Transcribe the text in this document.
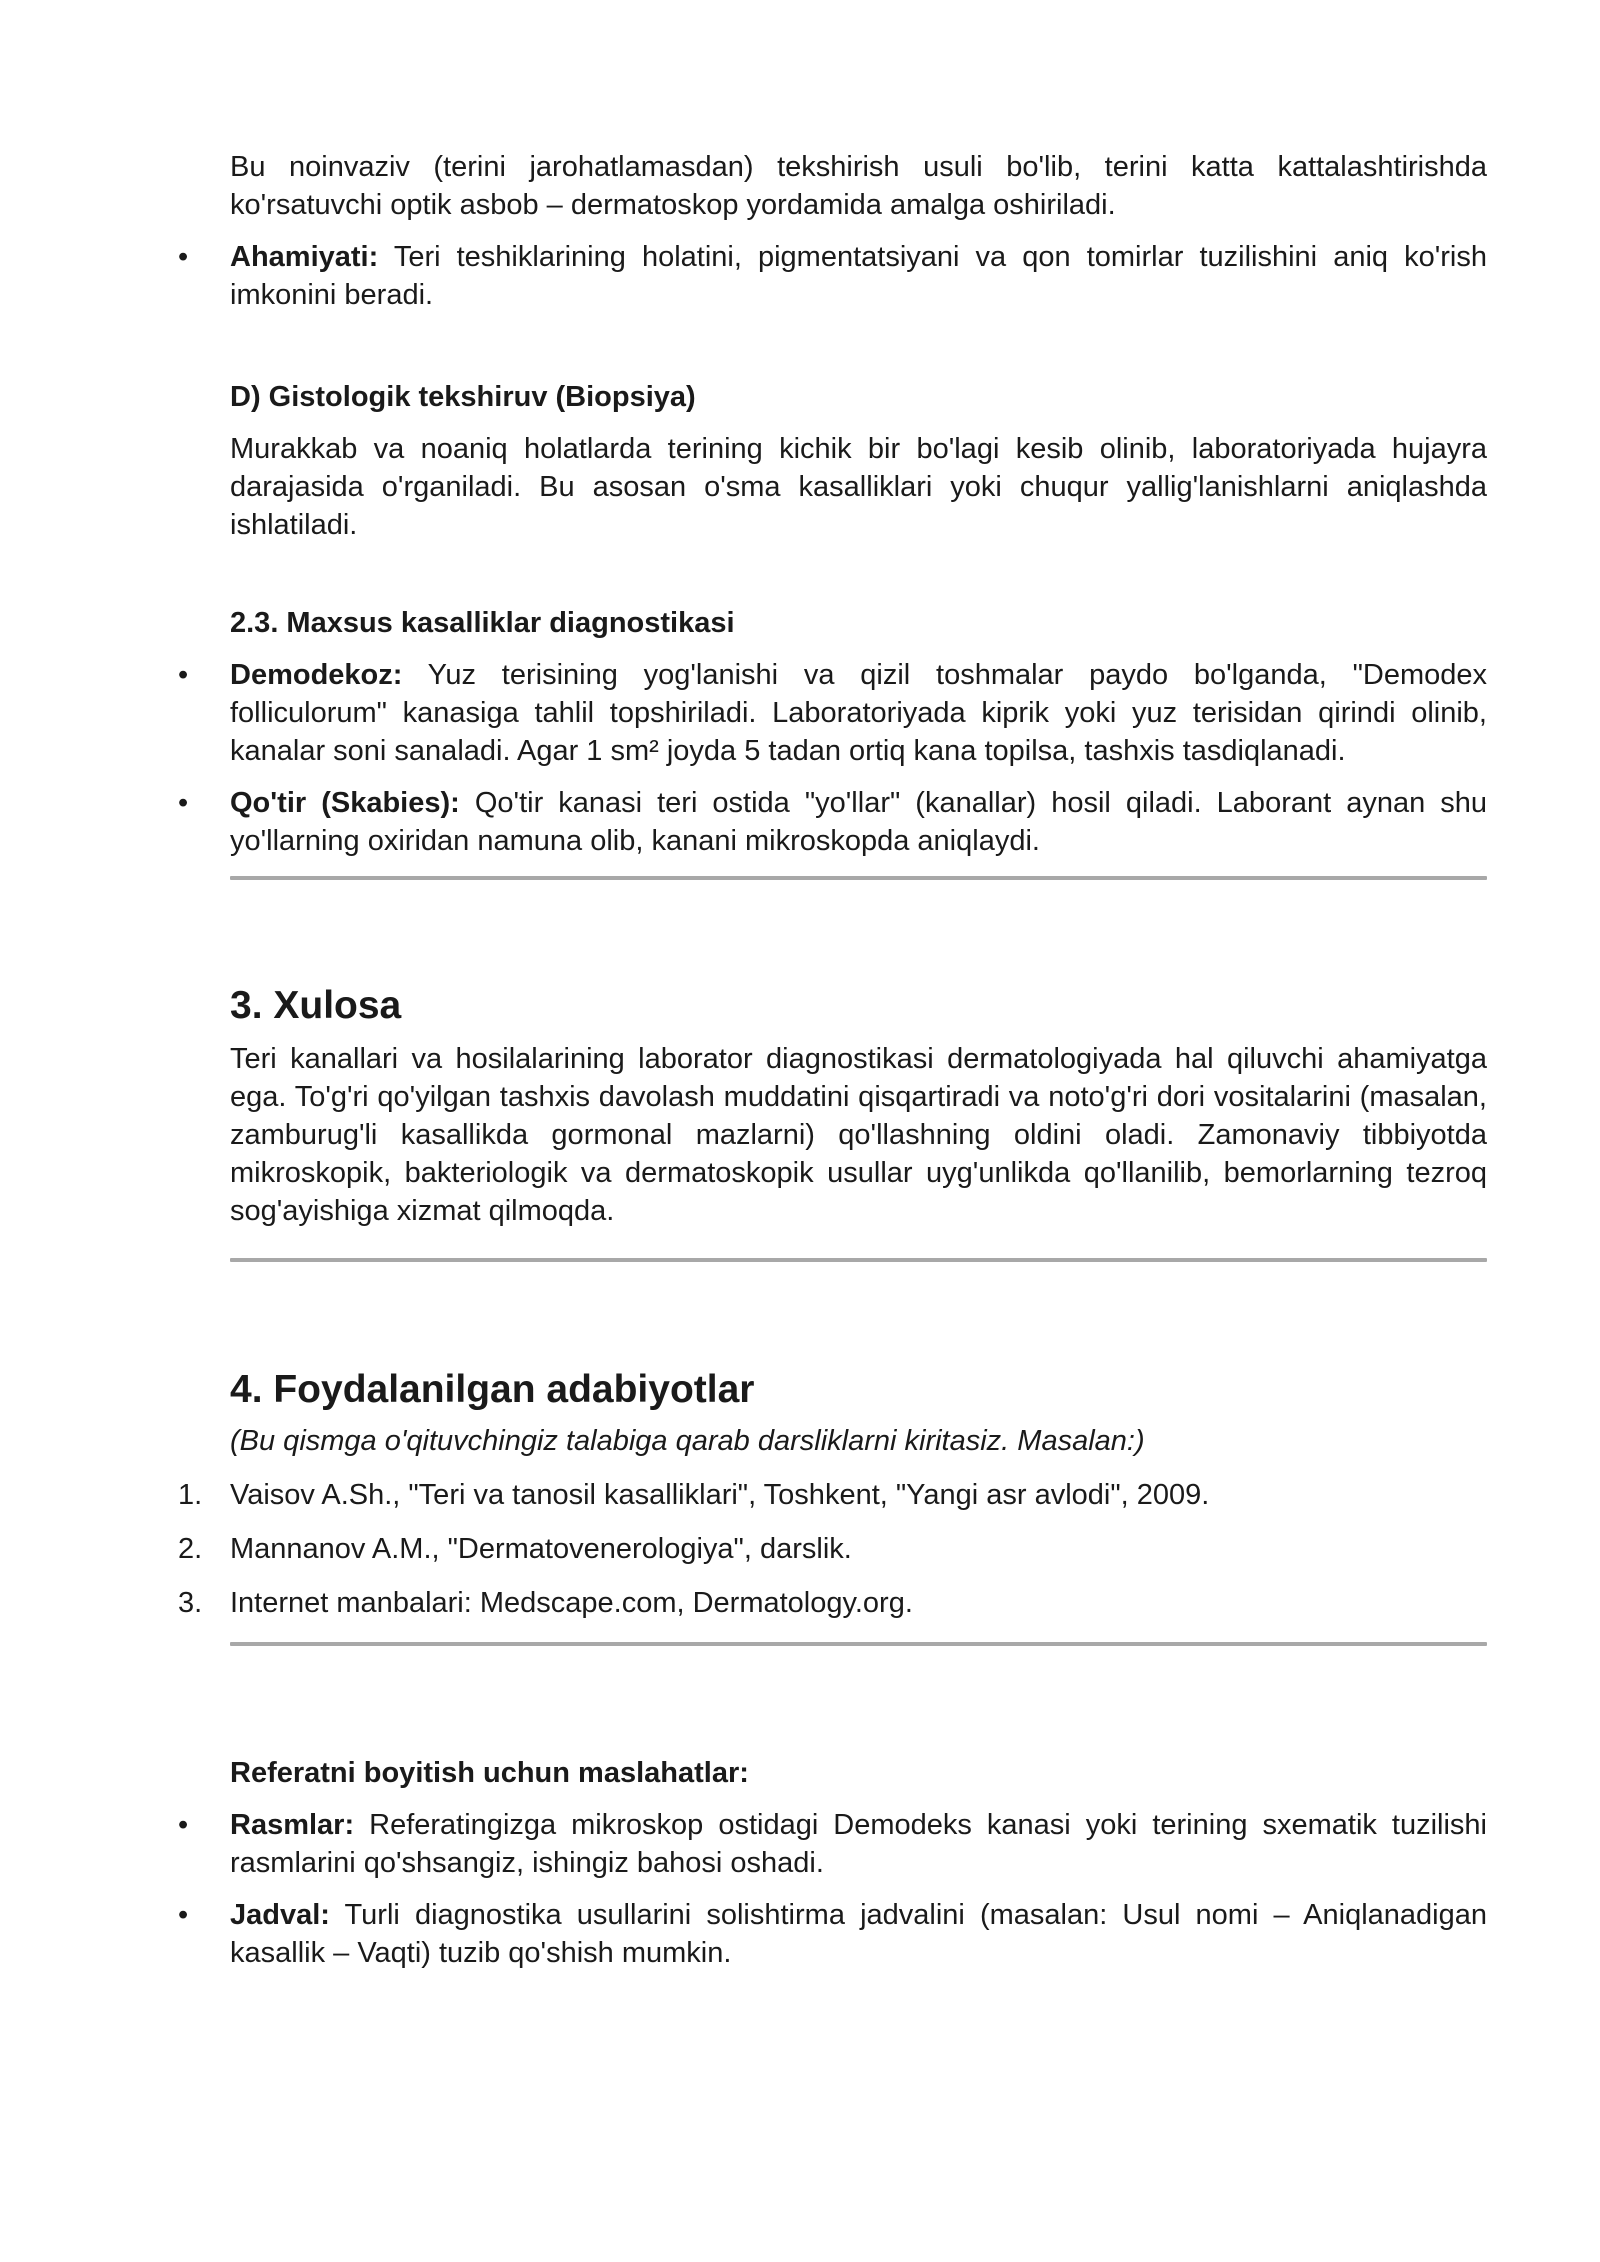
Bu noinvaziv (terini jarohatlamasdan) tekshirish usuli bo'lib, terini katta kattalashtirishda ko'rsatuvchi optik asbob – dermatoskop yordamida amalga oshiriladi.

•	Ahamiyati: Teri teshiklarining holatini, pigmentatsiyani va qon tomirlar tuzilishini aniq ko'rish imkonini beradi.

D) Gistologik tekshiruv (Biopsiya)

Murakkab va noaniq holatlarda terining kichik bir bo'lagi kesib olinib, laboratoriyada hujayra darajasida o'rganiladi. Bu asosan o'sma kasalliklari yoki chuqur yallig'lanishlarni aniqlashda ishlatiladi.

2.3. Maxsus kasalliklar diagnostikasi
•	Demodekoz: Yuz terisining yog'lanishi va qizil toshmalar paydo bo'lganda, "Demodex folliculorum" kanasiga tahlil topshiriladi. Laboratoriyada kiprik yoki yuz terisidan qirindi olinib, kanalar soni sanaladi. Agar 1 sm² joyda 5 tadan ortiq kana topilsa, tashxis tasdiqlanadi.

•	Qo'tir (Skabies): Qo'tir kanasi teri ostida "yo'llar" (kanallar) hosil qiladi. Laborant aynan shu yo'llarning oxiridan namuna olib, kanani mikroskopda aniqlaydi.

3. Xulosa

Teri kanallari va hosilalarining laborator diagnostikasi dermatologiyada hal qiluvchi ahamiyatga ega. To'g'ri qo'yilgan tashxis davolash muddatini qisqartiradi va noto'g'ri dori vositalarini (masalan, zamburug'li kasallikda gormonal mazlarni) qo'llashning oldini oladi. Zamonaviy tibbiyotda mikroskopik, bakteriologik va dermatoskopik usullar uyg'unlikda qo'llanilib, bemorlarning tezroq sog'ayishiga xizmat qilmoqda.

4. Foydalanilgan adabiyotlar

(Bu qismga o'qituvchingiz talabiga qarab darsliklarni kiritasiz. Masalan:)

1. Vaisov A.Sh., "Teri va tanosil kasalliklari", Toshkent, "Yangi asr avlodi", 2009.
2. Mannanov A.M., "Dermatovenerologiya", darslik.
3. Internet manbalari: Medscape.com, Dermatology.org.
Referatni boyitish uchun maslahatlar:
•	Rasmlar: Referatingizga mikroskop ostidagi Demodeks kanasi yoki terining sxematik tuzilishi rasmlarini qo'shsangiz, ishingiz bahosi oshadi.

•	Jadval: Turli diagnostika usullarini solishtirma jadvalini (masalan: Usul nomi – Aniqlanadigan kasallik – Vaqti) tuzib qo'shish mumkin.
